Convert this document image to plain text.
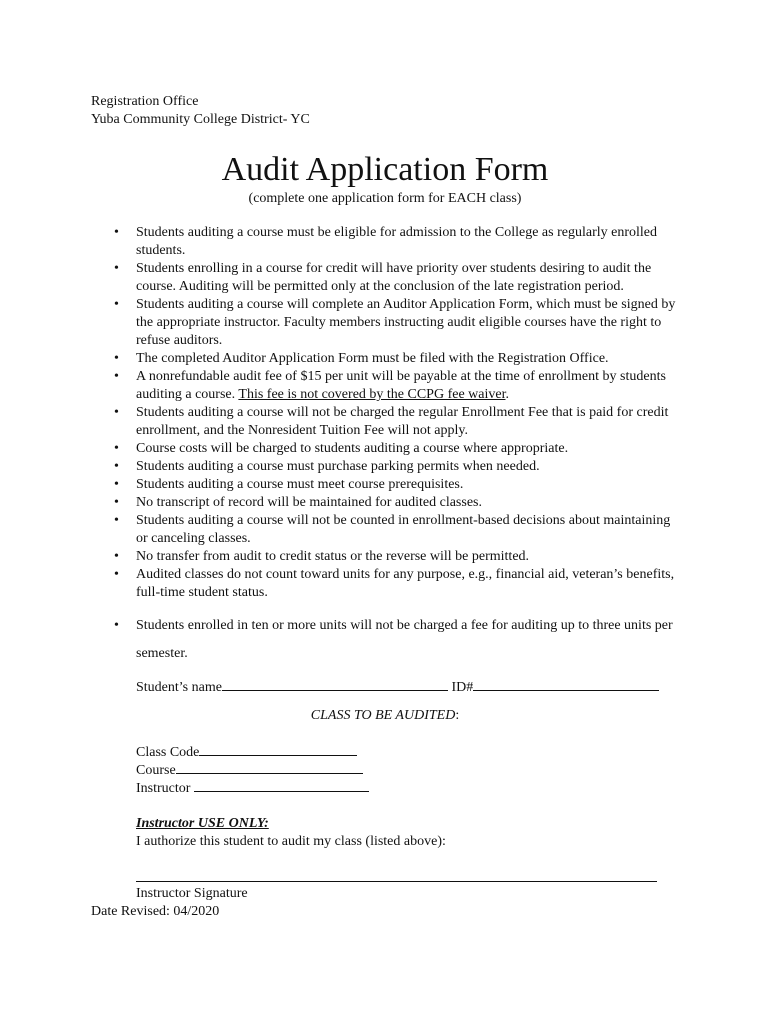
Registration Office
Yuba Community College District- YC
Audit Application Form
(complete one application form for EACH class)
• Students auditing a course must be eligible for admission to the College as regularly enrolled students.
• Students enrolling in a course for credit will have priority over students desiring to audit the course. Auditing will be permitted only at the conclusion of the late registration period.
• Students auditing a course will complete an Auditor Application Form, which must be signed by the appropriate instructor. Faculty members instructing audit eligible courses have the right to refuse auditors.
• The completed Auditor Application Form must be filed with the Registration Office.
• A nonrefundable audit fee of $15 per unit will be payable at the time of enrollment by students auditing a course. This fee is not covered by the CCPG fee waiver.
• Students auditing a course will not be charged the regular Enrollment Fee that is paid for credit enrollment, and the Nonresident Tuition Fee will not apply.
• Course costs will be charged to students auditing a course where appropriate.
• Students auditing a course must purchase parking permits when needed.
• Students auditing a course must meet course prerequisites.
• No transcript of record will be maintained for audited classes.
• Students auditing a course will not be counted in enrollment-based decisions about maintaining or canceling classes.
• No transfer from audit to credit status or the reverse will be permitted.
• Audited classes do not count toward units for any purpose, e.g., financial aid, veteran’s benefits, full-time student status.
• Students enrolled in ten or more units will not be charged a fee for auditing up to three units per semester.
Student’s name	ID#
CLASS TO BE AUDITED:
Class Code
Course
Instructor
Instructor USE ONLY:
I authorize this student to audit my class (listed above):
Instructor Signature
Date Revised: 04/2020
